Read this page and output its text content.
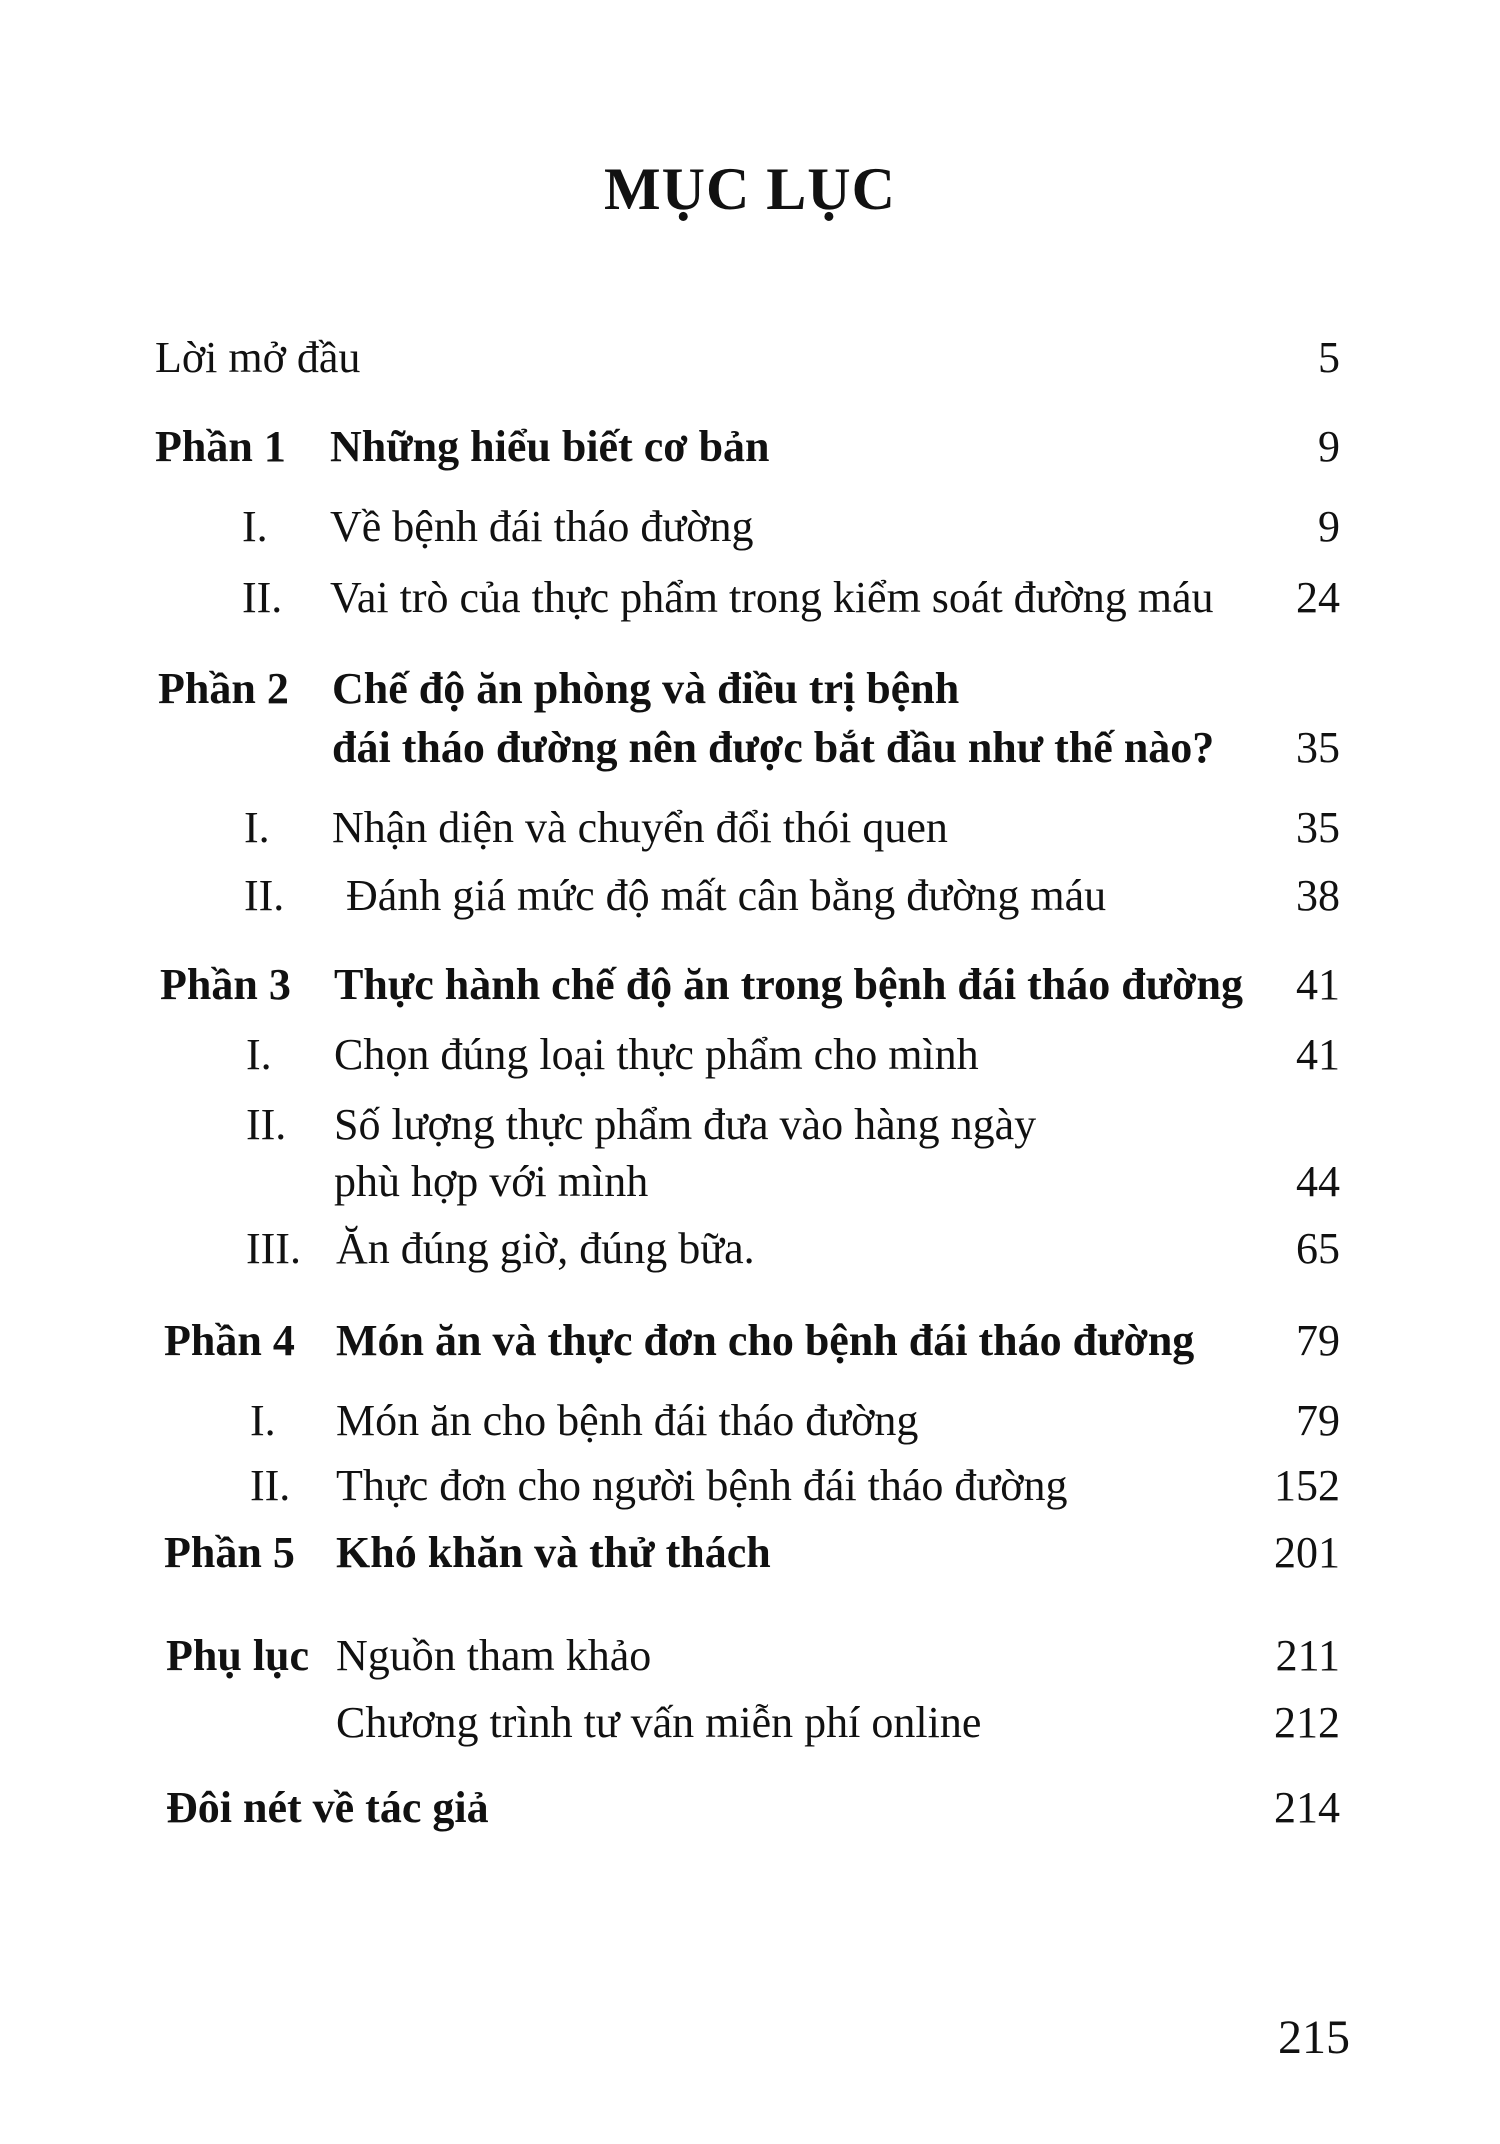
MỤC LỤC
Lời mở đầu	5
Phần 1 Những hiểu biết cơ bản	9
I. Về bệnh đái tháo đường	9
II. Vai trò của thực phẩm trong kiểm soát đường máu	24
Phần 2 Chế độ ăn phòng và điều trị bệnh
đái tháo đường nên được bắt đầu như thế nào?	35
I. Nhận diện và chuyển đổi thói quen	35
II. Đánh giá mức độ mất cân bằng đường máu	38
Phần 3 Thực hành chế độ ăn trong bệnh đái tháo đường	41
I. Chọn đúng loại thực phẩm cho mình	41
II. Số lượng thực phẩm đưa vào hàng ngày
phù hợp với mình	44
III. Ăn đúng giờ, đúng bữa.	65
Phần 4 Món ăn và thực đơn cho bệnh đái tháo đường	79
I. Món ăn cho bệnh đái tháo đường	79
II. Thực đơn cho người bệnh đái tháo đường	152
Phần 5 Khó khăn và thử thách	201
Phụ lục Nguồn tham khảo	211
Chương trình tư vấn miễn phí online	212
Đôi nét về tác giả	214
215
